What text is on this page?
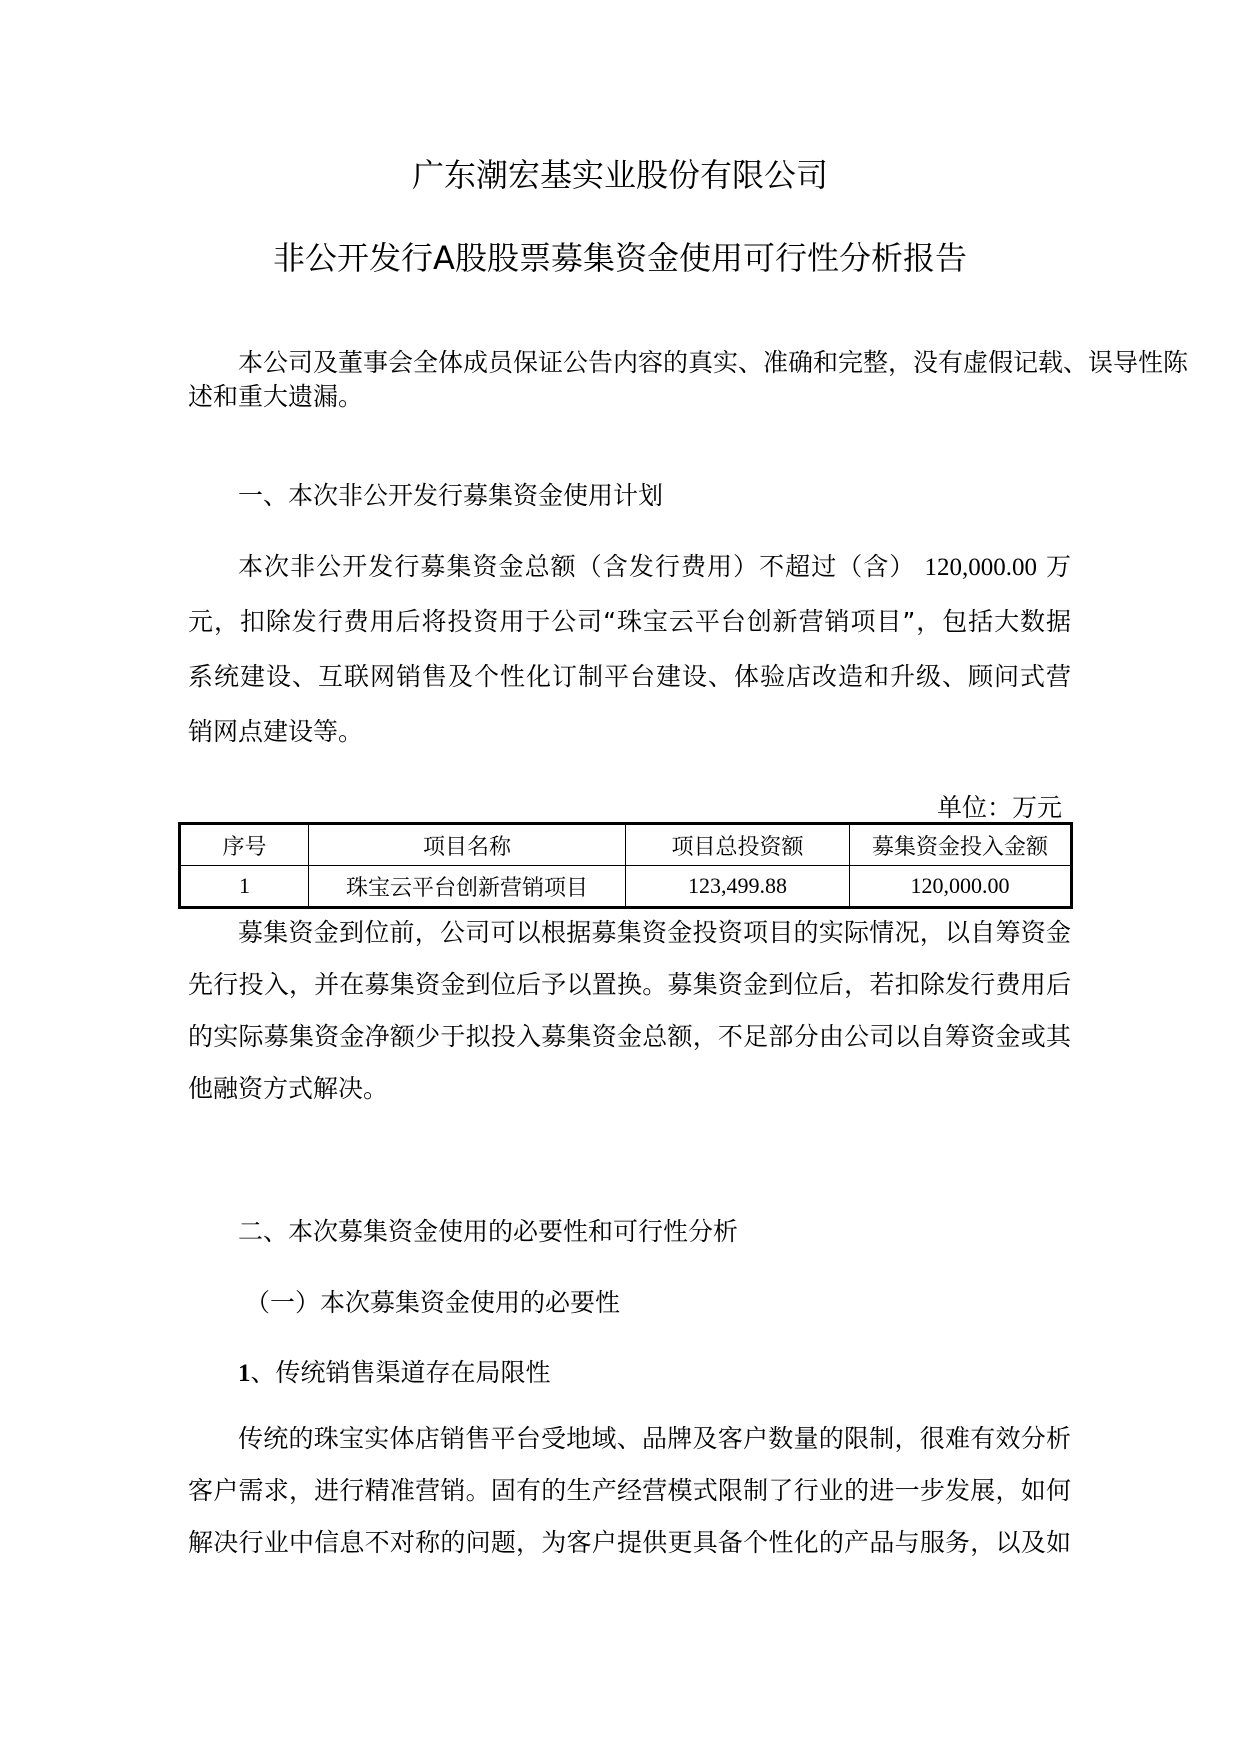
广东潮宏基实业股份有限公司
非公开发行A股股票募集资金使用可行性分析报告
本公司及董事会全体成员保证公告内容的真实、准确和完整，没有虚假记载、误导性陈
述和重大遗漏。
一、本次非公开发行募集资金使用计划
本次非公开发行募集资金总额（含发行费用）不超过（含） 120,000.00 万
元，扣除发行费用后将投资用于公司“珠宝云平台创新营销项目”，包括大数据
系统建设、互联网销售及个性化订制平台建设、体验店改造和升级、顾问式营
销网点建设等。
单位：万元
序号	项目名称	项目总投资额	募集资金投入金额
1	珠宝云平台创新营销项目	123,499.88	120,000.00
募集资金到位前，公司可以根据募集资金投资项目的实际情况，以自筹资金
先行投入，并在募集资金到位后予以置换。募集资金到位后，若扣除发行费用后
的实际募集资金净额少于拟投入募集资金总额，不足部分由公司以自筹资金或其
他融资方式解决。
二、本次募集资金使用的必要性和可行性分析
（一）本次募集资金使用的必要性
1、传统销售渠道存在局限性
传统的珠宝实体店销售平台受地域、品牌及客户数量的限制，很难有效分析
客户需求，进行精准营销。固有的生产经营模式限制了行业的进一步发展，如何
解决行业中信息不对称的问题，为客户提供更具备个性化的产品与服务，以及如
